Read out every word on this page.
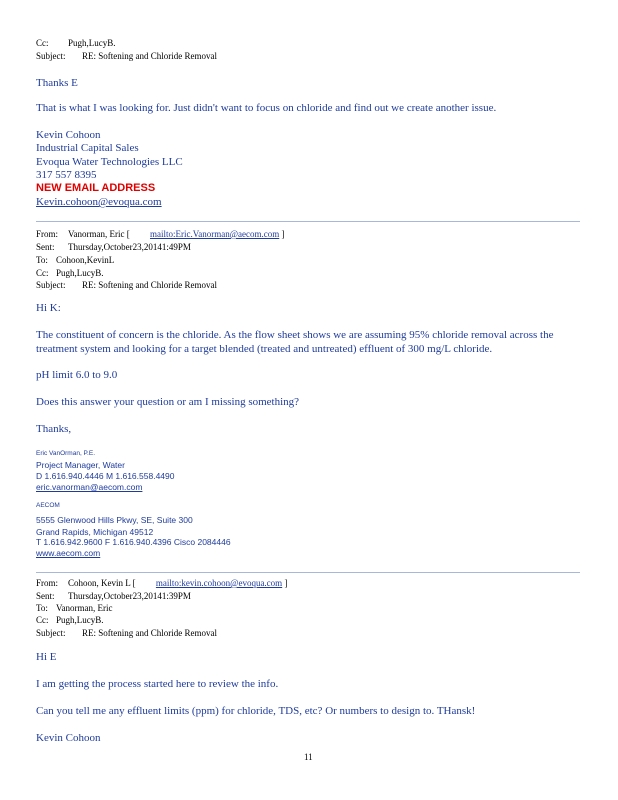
Cc: Pugh,LucyB.
Subject: RE: Softening and Chloride Removal
Thanks E
That is what I was looking for. Just didn't want to focus on chloride and find out we create another issue.
Kevin Cohoon
Industrial Capital Sales
Evoqua Water Technologies LLC
317 557 8395
NEW EMAIL ADDRESS
Kevin.cohoon@evoqua.com
From: Vanorman, Eric [ mailto:Eric.Vanorman@aecom.com ]
Sent: Thursday,October23,20141:49PM
To: Cohoon,KevinL
Cc: Pugh,LucyB.
Subject: RE: Softening and Chloride Removal
Hi K:
The constituent of concern is the chloride. As the flow sheet shows we are assuming 95% chloride removal across the
treatment system and looking for a target blended (treated and untreated) effluent of 300 mg/L chloride.
pH limit 6.0 to 9.0
Does this answer your question or am I missing something?
Thanks,
Eric VanOrman, P.E.
Project Manager, Water
D 1.616.940.4446 M 1.616.558.4490
eric.vanorman@aecom.com
AECOM
5555 Glenwood Hills Pkwy, SE, Suite 300
Grand Rapids, Michigan 49512
T 1.616.942.9600 F 1.616.940.4396 Cisco 2084446
www.aecom.com
From: Cohoon, Kevin L [ mailto:kevin.cohoon@evoqua.com ]
Sent: Thursday,October23,20141:39PM
To: Vanorman, Eric
Cc: Pugh,LucyB.
Subject: RE: Softening and Chloride Removal
Hi E
I am getting the process started here to review the info.
Can you tell me any effluent limits (ppm) for chloride, TDS, etc? Or numbers to design to. THansk!
Kevin Cohoon
11
